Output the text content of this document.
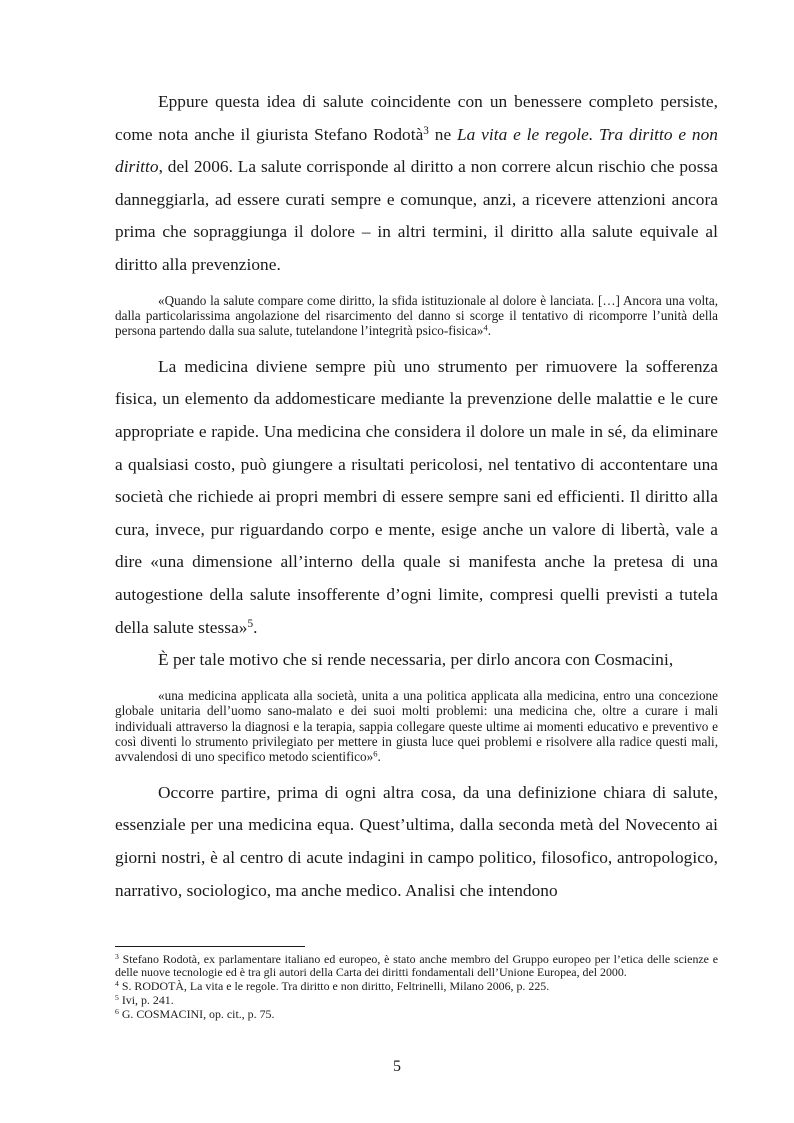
Eppure questa idea di salute coincidente con un benessere completo persiste, come nota anche il giurista Stefano Rodotà$^3$ ne La vita e le regole. Tra diritto e non diritto, del 2006. La salute corrisponde al diritto a non correre alcun rischio che possa danneggiarla, ad essere curati sempre e comunque, anzi, a ricevere attenzioni ancora prima che sopraggiunga il dolore – in altri termini, il diritto alla salute equivale al diritto alla prevenzione.

«Quando la salute compare come diritto, la sfida istituzionale al dolore è lanciata. […] Ancora una volta, dalla particolarissima angolazione del risarcimento del danno si scorge il tentativo di ricomporre l’unità della persona partendo dalla sua salute, tutelandone l’integrità psico-fisica»$^4$.

La medicina diviene sempre più uno strumento per rimuovere la sofferenza fisica, un elemento da addomesticare mediante la prevenzione delle malattie e le cure appropriate e rapide. Una medicina che considera il dolore un male in sé, da eliminare a qualsiasi costo, può giungere a risultati pericolosi, nel tentativo di accontentare una società che richiede ai propri membri di essere sempre sani ed efficienti. Il diritto alla cura, invece, pur riguardando corpo e mente, esige anche un valore di libertà, vale a dire «una dimensione all’interno della quale si manifesta anche la pretesa di una autogestione della salute insofferente d’ogni limite, compresi quelli previsti a tutela della salute stessa»$^5$.

È per tale motivo che si rende necessaria, per dirlo ancora con Cosmacini,

«una medicina applicata alla società, unita a una politica applicata alla medicina, entro una concezione globale unitaria dell’uomo sano-malato e dei suoi molti problemi: una medicina che, oltre a curare i mali individuali attraverso la diagnosi e la terapia, sappia collegare queste ultime ai momenti educativo e preventivo e così diventi lo strumento privilegiato per mettere in giusta luce quei problemi e risolvere alla radice questi mali, avvalendosi di uno specifico metodo scientifico»$^6$.

Occorre partire, prima di ogni altra cosa, da una definizione chiara di salute, essenziale per una medicina equa. Quest’ultima, dalla seconda metà del Novecento ai giorni nostri, è al centro di acute indagini in campo politico, filosofico, antropologico, narrativo, sociologico, ma anche medico. Analisi che intendono

$^3$ Stefano Rodotà, ex parlamentare italiano ed europeo, è stato anche membro del Gruppo europeo per l’etica delle scienze e delle nuove tecnologie ed è tra gli autori della Carta dei diritti fondamentali dell’Unione Europea, del 2000.

$^4$ S. RODOTÀ, La vita e le regole. Tra diritto e non diritto, Feltrinelli, Milano 2006, p. 225.

$^5$ Ivi, p. 241.

$^6$ G. COSMACINI, op. cit., p. 75.

5
